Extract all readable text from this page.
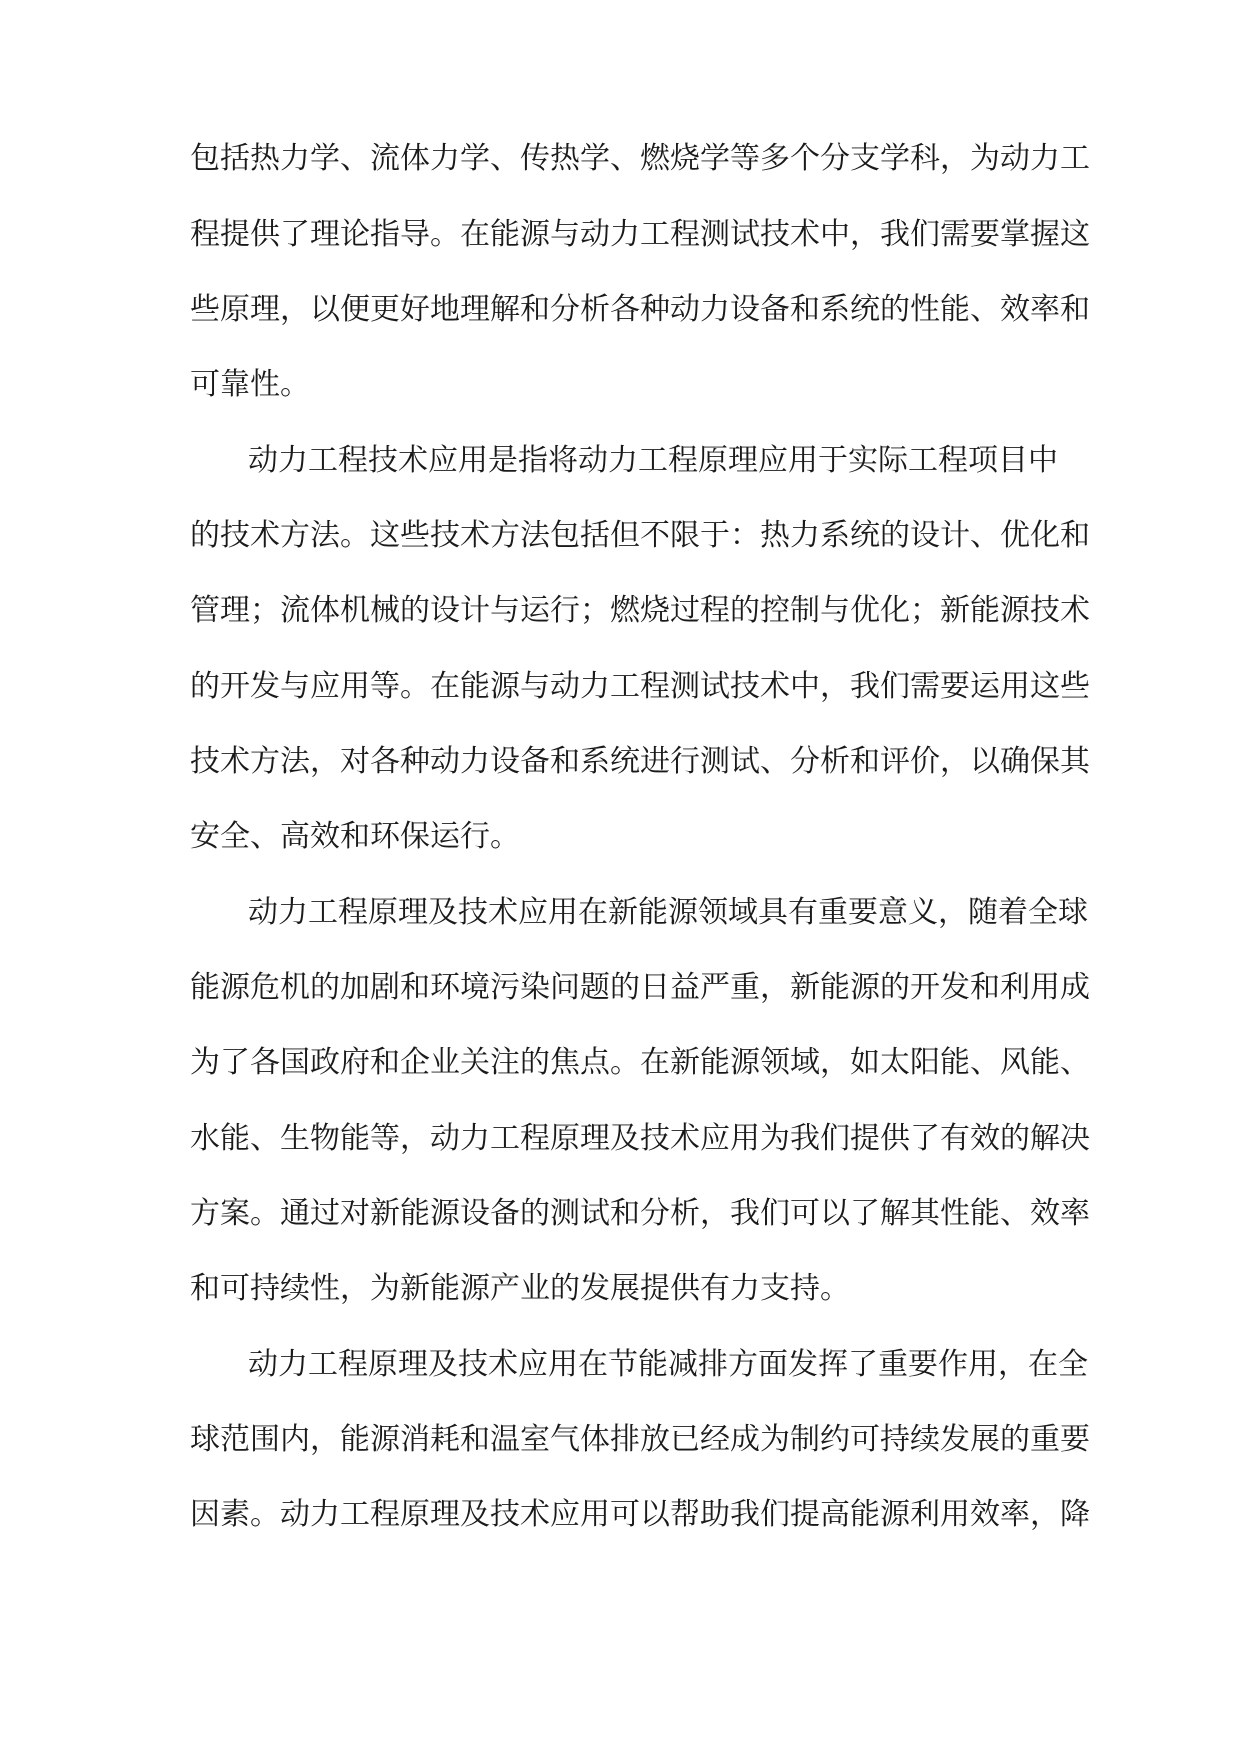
包括热力学、流体力学、传热学、燃烧学等多个分支学科，为动力工
程提供了理论指导。在能源与动力工程测试技术中，我们需要掌握这
些原理，以便更好地理解和分析各种动力设备和系统的性能、效率和
可靠性。
动力工程技术应用是指将动力工程原理应用于实际工程项目中
的技术方法。这些技术方法包括但不限于：热力系统的设计、优化和
管理；流体机械的设计与运行；燃烧过程的控制与优化；新能源技术
的开发与应用等。在能源与动力工程测试技术中，我们需要运用这些
技术方法，对各种动力设备和系统进行测试、分析和评价，以确保其
安全、高效和环保运行。
动力工程原理及技术应用在新能源领域具有重要意义，随着全球
能源危机的加剧和环境污染问题的日益严重，新能源的开发和利用成
为了各国政府和企业关注的焦点。在新能源领域，如太阳能、风能、
水能、生物能等，动力工程原理及技术应用为我们提供了有效的解决
方案。通过对新能源设备的测试和分析，我们可以了解其性能、效率
和可持续性，为新能源产业的发展提供有力支持。
动力工程原理及技术应用在节能减排方面发挥了重要作用，在全
球范围内，能源消耗和温室气体排放已经成为制约可持续发展的重要
因素。动力工程原理及技术应用可以帮助我们提高能源利用效率，降
